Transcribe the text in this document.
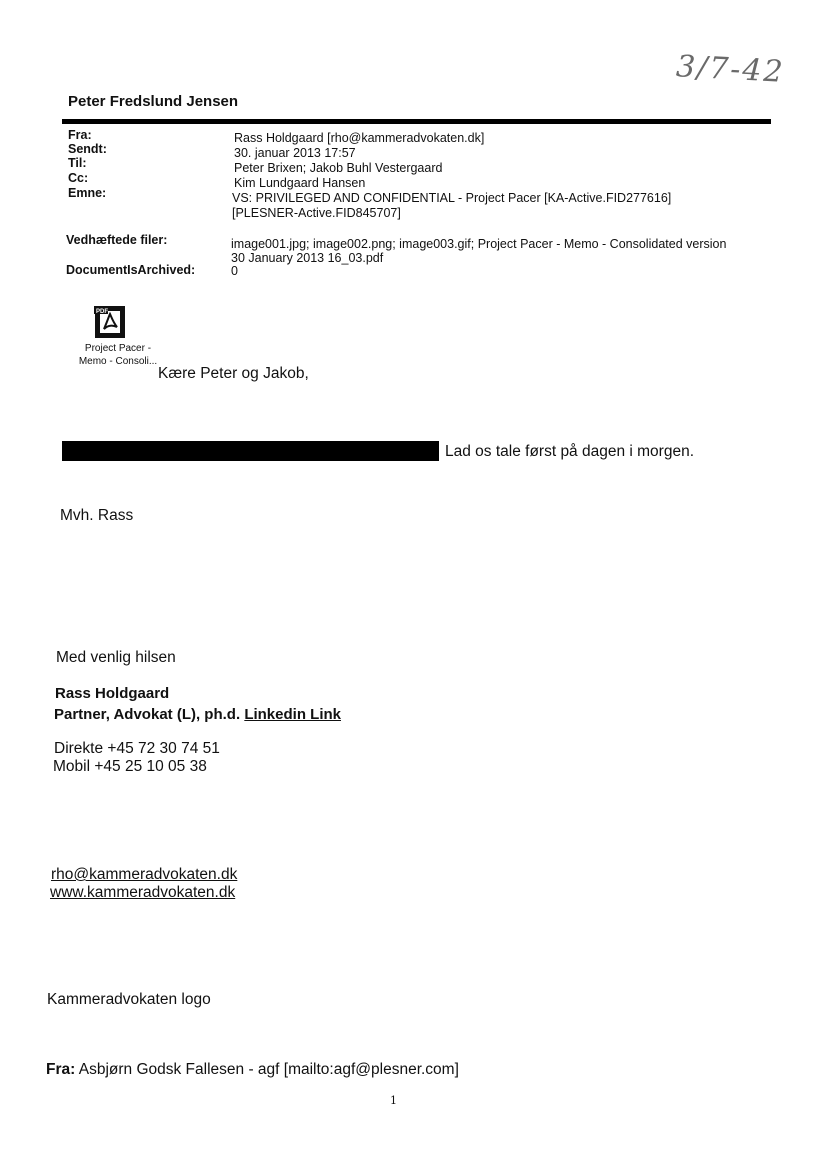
3/7-42
Peter Fredslund Jensen
Fra:
Sendt:
Til:
Cc:
Emne:
Vedhæftede filer:
DocumentIsArchived:
Rass Holdgaard [rho@kammeradvokaten.dk]
30. januar 2013 17:57
Peter Brixen; Jakob Buhl Vestergaard
Kim Lundgaard Hansen
VS: PRIVILEGED AND CONFIDENTIAL - Project Pacer [KA-Active.FID277616]
[PLESNER-Active.FID845707]
image001.jpg; image002.png; image003.gif; Project Pacer - Memo - Consolidated version
30 January 2013 16_03.pdf
0
PDF
Project Pacer -
Memo - Consoli...
Kære Peter og Jakob,
Lad os tale først på dagen i morgen.
Mvh. Rass
Med venlig hilsen
Rass Holdgaard
Partner, Advokat (L), ph.d. Linkedin Link
Direkte +45 72 30 74 51
Mobil +45 25 10 05 38
rho@kammeradvokaten.dk
www.kammeradvokaten.dk
Kammeradvokaten logo
Fra: Asbjørn Godsk Fallesen - agf [mailto:agf@plesner.com]
1
